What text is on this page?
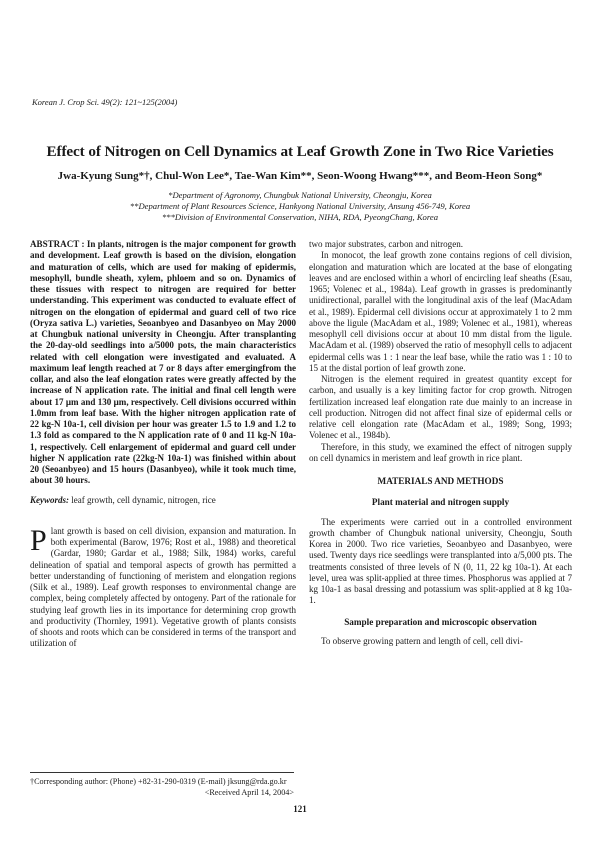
Korean J. Crop Sci. 49(2): 121~125(2004)
Effect of Nitrogen on Cell Dynamics at Leaf Growth Zone in Two Rice Varieties
Jwa-Kyung Sung*†, Chul-Won Lee*, Tae-Wan Kim**, Seon-Woong Hwang***, and Beom-Heon Song*
*Department of Agronomy, Chungbuk National University, Cheongju, Korea
**Department of Plant Resources Science, Hankyong National University, Ansung 456-749, Korea
***Division of Environmental Conservation, NIHA, RDA, PyeongChang, Korea

ABSTRACT : In plants, nitrogen is the major component for growth and development. Leaf growth is based on the division, elongation and maturation of cells, which are used for making of epidermis, mesophyll, bundle sheath, xylem, phloem and so on. Dynamics of these tissues with respect to nitrogen are required for better understanding. This experiment was conducted to evaluate effect of nitrogen on the elongation of epidermal and guard cell of two rice (Oryza sativa L.) varieties, Seoanbyeo and Dasanbyeo on May 2000 at Chungbuk national university in Cheongju. After transplanting the 20-day-old seedlings into a/5000 pots, the main characteristics related with cell elongation were investigated and evaluated. A maximum leaf length reached at 7 or 8 days after emergingfrom the collar, and also the leaf elongation rates were greatly affected by the increase of N application rate. The initial and final cell length were about 17 μm and 130 μm, respectively. Cell divisions occurred within 1.0mm from leaf base. With the higher nitrogen application rate of 22 kg-N 10a-1, cell division per hour was greater 1.5 to 1.9 and 1.2 to 1.3 fold as compared to the N application rate of 0 and 11 kg-N 10a-1, respectively. Cell enlargement of epidermal and guard cell under higher N application rate (22kg-N 10a-1) was finished within about 20 (Seoanbyeo) and 15 hours (Dasanbyeo), while it took much time, about 30 hours.

Keywords: leaf growth, cell dynamic, nitrogen, rice

P lant growth is based on cell division, expansion and maturation. In both experimental (Barow, 1976; Rost et al., 1988) and theoretical (Gardar, 1980; Gardar et al., 1988; Silk, 1984) works, careful delineation of spatial and temporal aspects of growth has permitted a better understanding of functioning of meristem and elongation regions (Silk et al., 1989). Leaf growth responses to environmental change are complex, being completely affected by ontogeny. Part of the rationale for studying leaf growth lies in its importance for determining crop growth and productivity (Thornley, 1991). Vegetative growth of plants consists of shoots and roots which can be considered in terms of the transport and utilization of

two major substrates, carbon and nitrogen.

In monocot, the leaf growth zone contains regions of cell division, elongation and maturation which are located at the base of elongating leaves and are enclosed within a whorl of encircling leaf sheaths (Esau, 1965; Volenec et al., 1984a). Leaf growth in grasses is predominantly unidirectional, parallel with the longitudinal axis of the leaf (MacAdam et al., 1989). Epidermal cell divisions occur at approximately 1 to 2 mm above the ligule (MacAdam et al., 1989; Volenec et al., 1981), whereas mesophyll cell divisions occur at about 10 mm distal from the ligule. MacAdam et al. (1989) observed the ratio of mesophyll cells to adjacent epidermal cells was 1 : 1 near the leaf base, while the ratio was 1 : 10 to 15 at the distal portion of leaf growth zone.

Nitrogen is the element required in greatest quantity except for carbon, and usually is a key limiting factor for crop growth. Nitrogen fertilization increased leaf elongation rate due mainly to an increase in cell production. Nitrogen did not affect final size of epidermal cells or relative cell elongation rate (MacAdam et al., 1989; Song, 1993; Volenec et al., 1984b).

Therefore, in this study, we examined the effect of nitrogen supply on cell dynamics in meristem and leaf growth in rice plant.

MATERIALS AND METHODS

Plant material and nitrogen supply

The experiments were carried out in a controlled environment growth chamber of Chungbuk national university, Cheongju, South Korea in 2000. Two rice varieties, Seoanbyeo and Dasanbyeo, were used. Twenty days rice seedlings were transplanted into a/5,000 pts. The treatments consisted of three levels of N (0, 11, 22 kg 10a-1). At each level, urea was split-applied at three times. Phosphorus was applied at 7 kg 10a-1 as basal dressing and potassium was split-applied at 8 kg 10a-1.

Sample preparation and microscopic observation

To observe growing pattern and length of cell, cell divi-

†Corresponding author: (Phone) +82-31-290-0319 (E-mail) jksung@rda.go.kr
<Received April 14, 2004>
121
